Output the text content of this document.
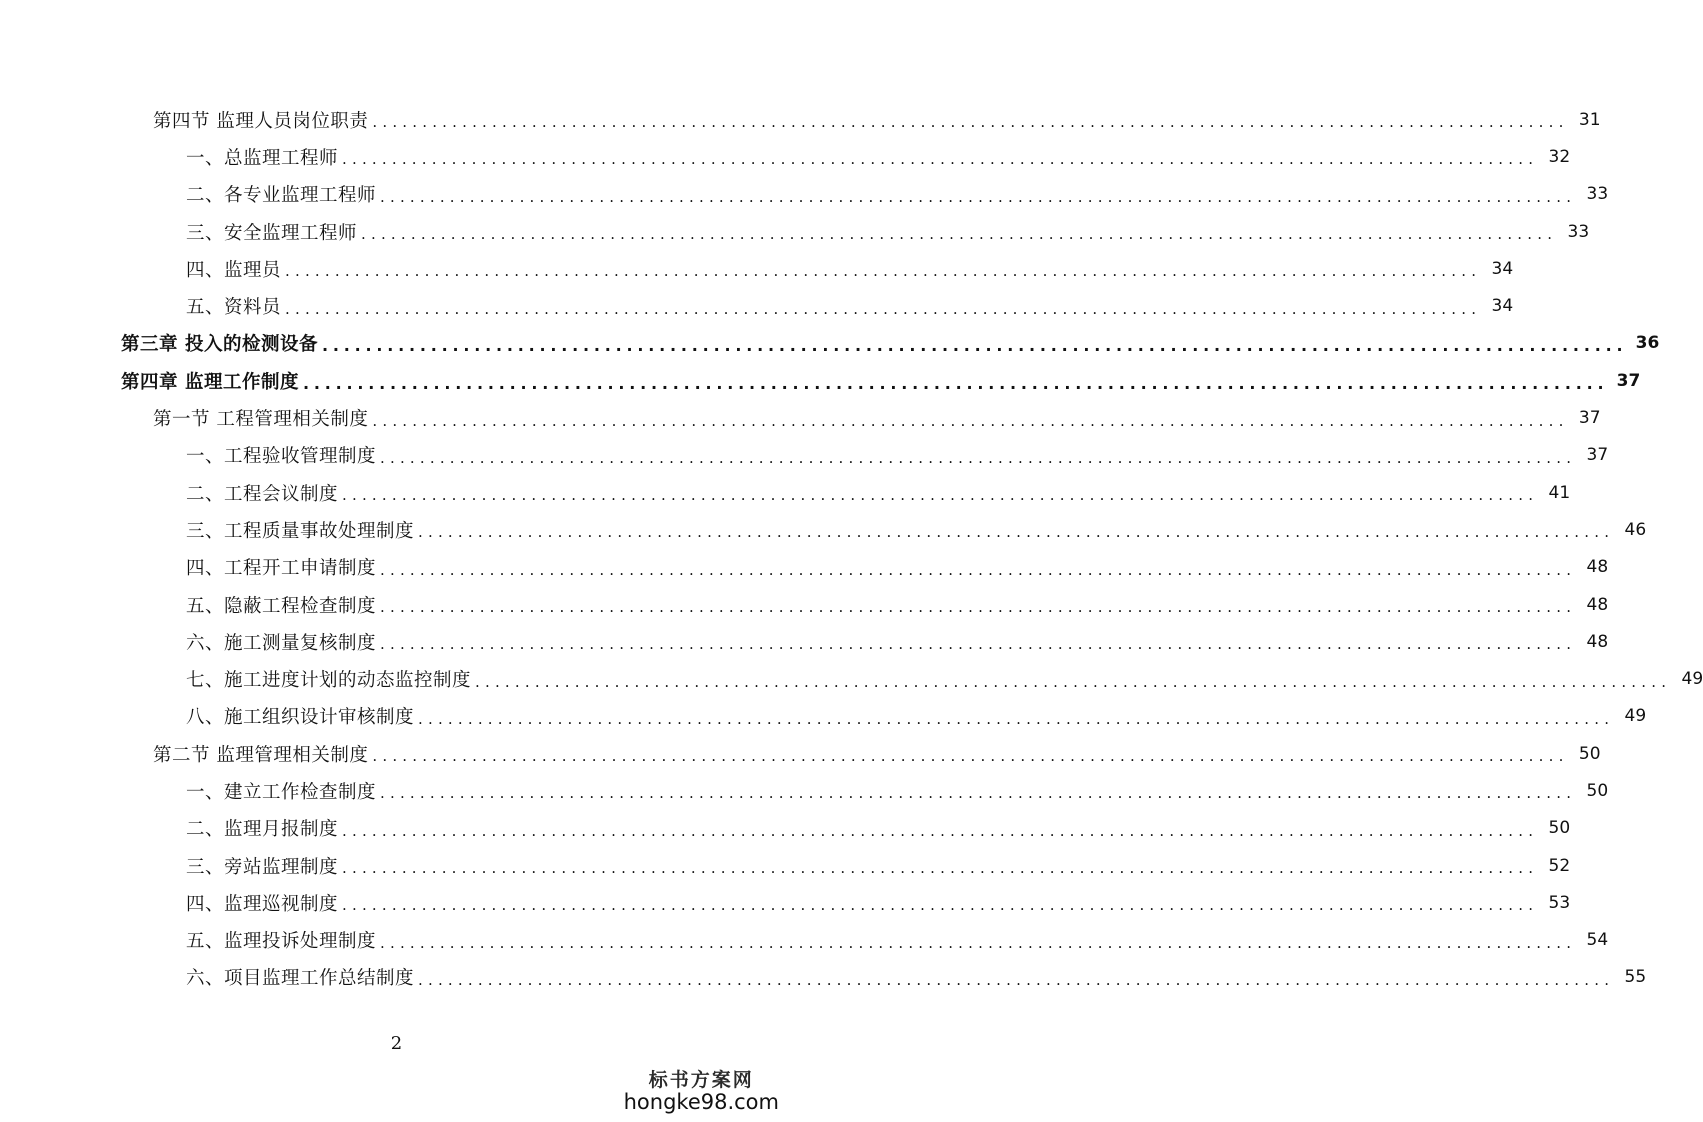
第四节 监理人员岗位职责 ........................................................................................................................ 31
一、总监理工程师 ........................................................................................................................ 32
二、各专业监理工程师 ........................................................................................................................ 33
三、安全监理工程师 ........................................................................................................................ 33
四、监理员 ........................................................................................................................ 34
五、资料员 ........................................................................................................................ 34
第三章 投入的检测设备 ........................................................................................................................ 36
第四章 监理工作制度 ........................................................................................................................ 37
第一节 工程管理相关制度 ........................................................................................................................ 37
一、工程验收管理制度 ........................................................................................................................ 37
二、工程会议制度 ........................................................................................................................ 41
三、工程质量事故处理制度 ........................................................................................................................ 46
四、工程开工申请制度 ........................................................................................................................ 48
五、隐蔽工程检查制度 ........................................................................................................................ 48
六、施工测量复核制度 ........................................................................................................................ 48
七、施工进度计划的动态监控制度 ........................................................................................................................ 49
八、施工组织设计审核制度 ........................................................................................................................ 49
第二节 监理管理相关制度 ........................................................................................................................ 50
一、建立工作检查制度 ........................................................................................................................ 50
二、监理月报制度 ........................................................................................................................ 50
三、旁站监理制度 ........................................................................................................................ 52
四、监理巡视制度 ........................................................................................................................ 53
五、监理投诉处理制度 ........................................................................................................................ 54
六、项目监理工作总结制度 ........................................................................................................................ 55
2
标书方案网
hongke98.com
